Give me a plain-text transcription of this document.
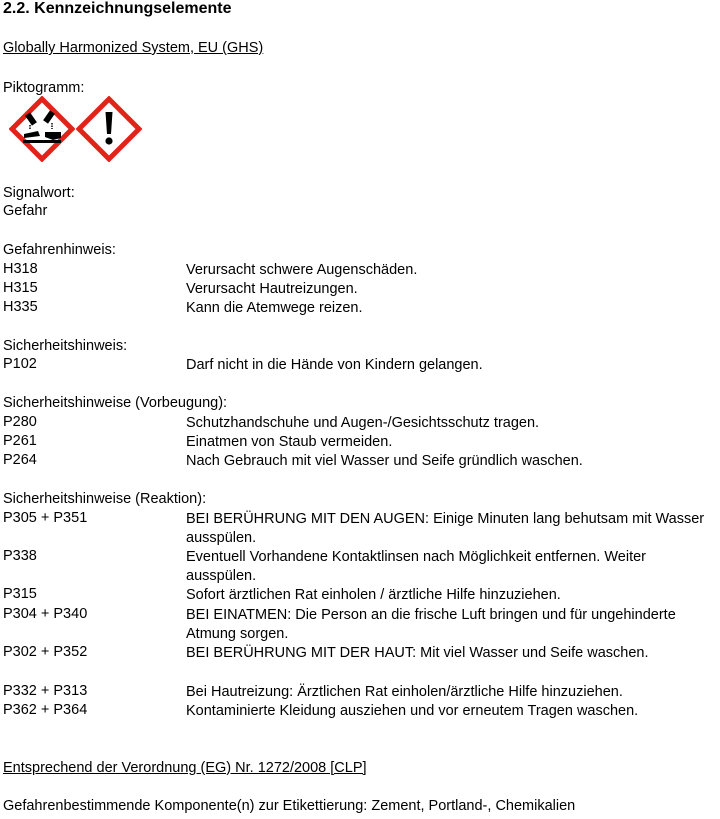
2.2. Kennzeichnungselemente
Globally Harmonized System, EU (GHS)
Piktogramm:
Signalwort:
Gefahr
Gefahrenhinweis:
H318	Verursacht schwere Augenschäden.
H315	Verursacht Hautreizungen.
H335	Kann die Atemwege reizen.
Sicherheitshinweis:
P102	Darf nicht in die Hände von Kindern gelangen.
Sicherheitshinweise (Vorbeugung):
P280	Schutzhandschuhe und Augen-/Gesichtsschutz tragen.
P261	Einatmen von Staub vermeiden.
P264	Nach Gebrauch mit viel Wasser und Seife gründlich waschen.
Sicherheitshinweise (Reaktion):
P305 + P351	BEI BERÜHRUNG MIT DEN AUGEN: Einige Minuten lang behutsam mit Wasser ausspülen.
P338	Eventuell Vorhandene Kontaktlinsen nach Möglichkeit entfernen. Weiter ausspülen.
P315	Sofort ärztlichen Rat einholen / ärztliche Hilfe hinzuziehen.
P304 + P340	BEI EINATMEN: Die Person an die frische Luft bringen und für ungehinderte Atmung sorgen.
P302 + P352	BEI BERÜHRUNG MIT DER HAUT: Mit viel Wasser und Seife waschen.
P332 + P313	Bei Hautreizung: Ärztlichen Rat einholen/ärztliche Hilfe hinzuziehen.
P362 + P364	Kontaminierte Kleidung ausziehen und vor erneutem Tragen waschen.
Entsprechend der Verordnung (EG) Nr. 1272/2008 [CLP]
Gefahrenbestimmende Komponente(n) zur Etikettierung: Zement, Portland-, Chemikalien
